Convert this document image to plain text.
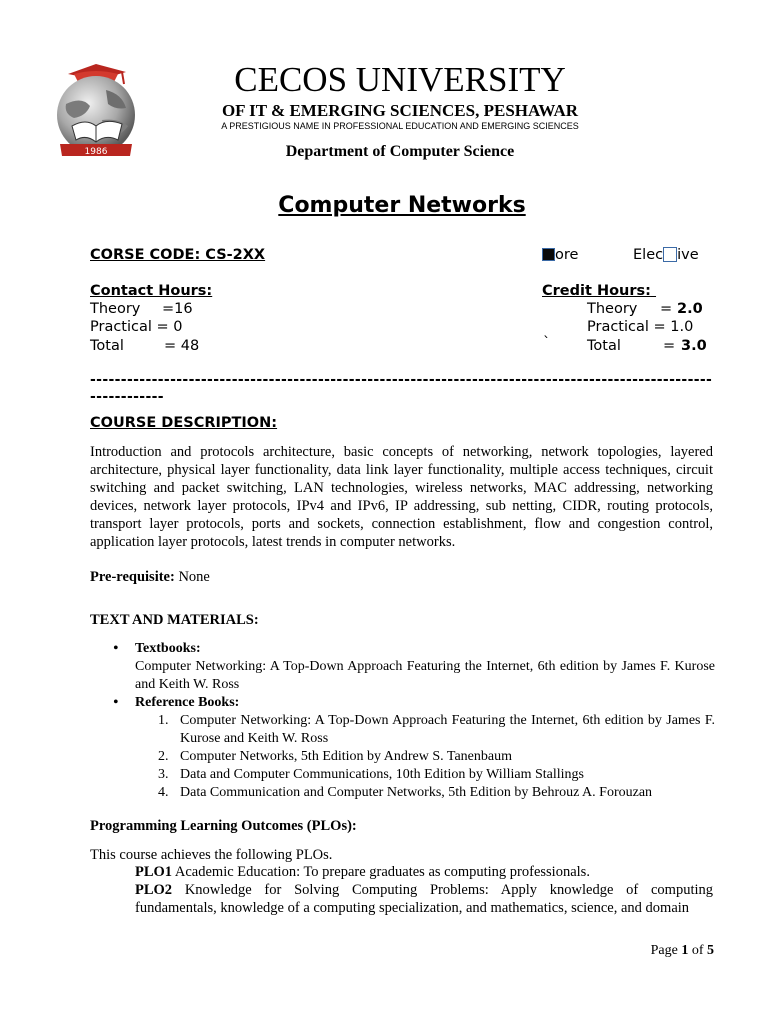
1986
CECOS UNIVERSITY
OF IT & EMERGING SCIENCES, PESHAWAR
A PRESTIGIOUS NAME IN PROFESSIONAL EDUCATION AND EMERGING SCIENCES
Department of Computer Science
Computer Networks
CORSE CODE: CS-2XX	ore	Elec ive
Contact Hours:
Theory =16
Practical = 0
Total	= 48
Credit Hours:
Theory = 2.0
Practical = 1.0
`	Total	= 3.0
-----------------------------------------------------------------------------------------------------------------
COURSE DESCRIPTION:
Introduction and protocols architecture, basic concepts of networking, network topologies, layered architecture, physical layer functionality, data link layer functionality, multiple access techniques, circuit switching and packet switching, LAN technologies, wireless networks, MAC addressing, networking devices, network layer protocols, IPv4 and IPv6, IP addressing, sub netting, CIDR, routing protocols, transport layer protocols, ports and sockets, connection establishment, flow and congestion control, application layer protocols, latest trends in computer networks.
Pre-requisite: None
TEXT AND MATERIALS:
• Textbooks:
Computer Networking: A Top-Down Approach Featuring the Internet, 6th edition by James F. Kurose and Keith W. Ross
• Reference Books:
1. Computer Networking: A Top-Down Approach Featuring the Internet, 6th edition by James F. Kurose and Keith W. Ross
2. Computer Networks, 5th Edition by Andrew S. Tanenbaum
3. Data and Computer Communications, 10th Edition by William Stallings
4. Data Communication and Computer Networks, 5th Edition by Behrouz A. Forouzan
Programming Learning Outcomes (PLOs):
This course achieves the following PLOs.
PLO1 Academic Education: To prepare graduates as computing professionals.
PLO2 Knowledge for Solving Computing Problems: Apply knowledge of computing fundamentals, knowledge of a computing specialization, and mathematics, science, and domain
Page 1 of 5
